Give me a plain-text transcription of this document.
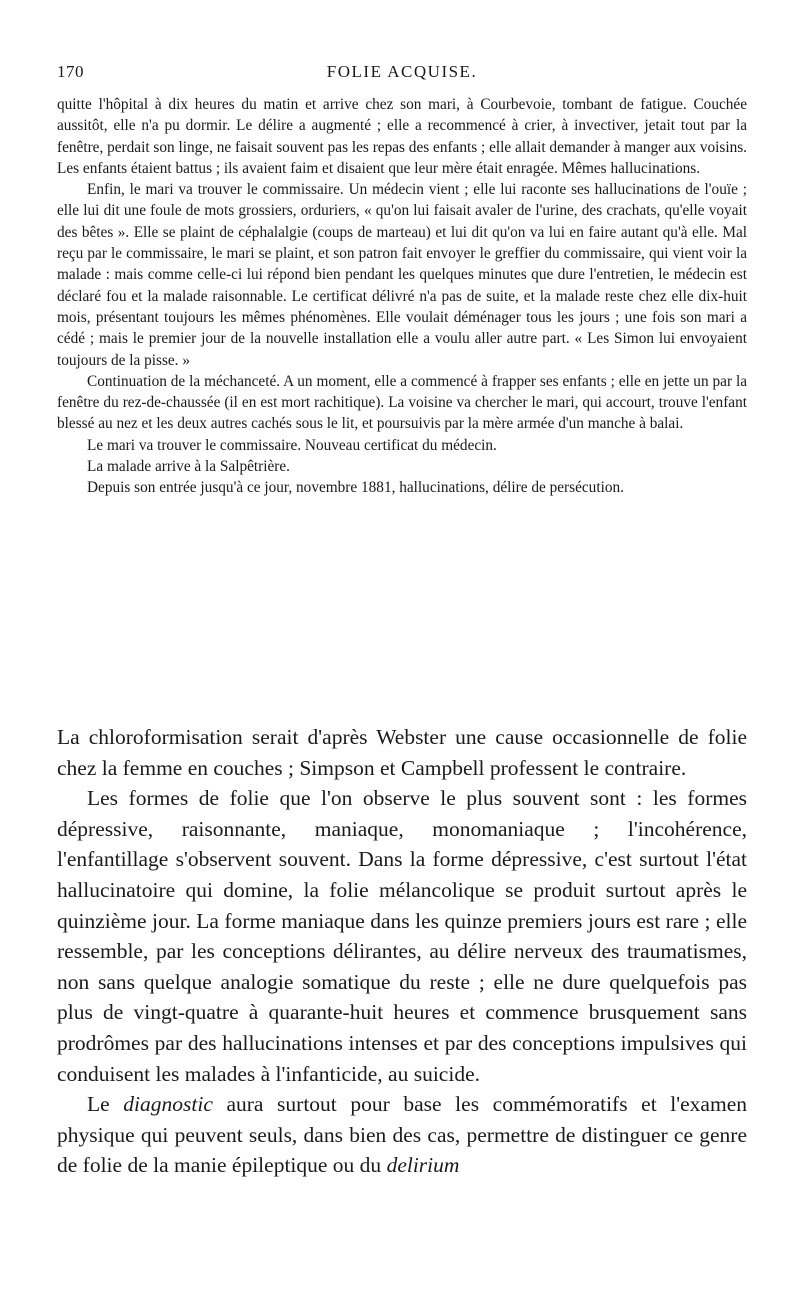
170	FOLIE ACQUISE.

quitte l'hôpital à dix heures du matin et arrive chez son mari, à Courbevoie, tombant de fatigue. Couchée aussitôt, elle n'a pu dormir. Le délire a augmenté ; elle a recommencé à crier, à invectiver, jetait tout par la fenêtre, perdait son linge, ne faisait souvent pas les repas des enfants ; elle allait demander à manger aux voisins. Les enfants étaient battus ; ils avaient faim et disaient que leur mère était enragée. Mêmes hallucinations.

Enfin, le mari va trouver le commissaire. Un médecin vient ; elle lui raconte ses hallucinations de l'ouïe ; elle lui dit une foule de mots grossiers, orduriers, « qu'on lui faisait avaler de l'urine, des crachats, qu'elle voyait des bêtes ». Elle se plaint de céphalalgie (coups de marteau) et lui dit qu'on va lui en faire autant qu'à elle. Mal reçu par le commissaire, le mari se plaint, et son patron fait envoyer le greffier du commissaire, qui vient voir la malade : mais comme celle-ci lui répond bien pendant les quelques minutes que dure l'entretien, le médecin est déclaré fou et la malade raisonnable. Le certificat délivré n'a pas de suite, et la malade reste chez elle dix-huit mois, présentant toujours les mêmes phénomènes. Elle voulait déménager tous les jours ; une fois son mari a cédé ; mais le premier jour de la nouvelle installation elle a voulu aller autre part. « Les Simon lui envoyaient toujours de la pisse. »

Continuation de la méchanceté. A un moment, elle a commencé à frapper ses enfants ; elle en jette un par la fenêtre du rez-de-chaussée (il en est mort rachitique). La voisine va chercher le mari, qui accourt, trouve l'enfant blessé au nez et les deux autres cachés sous le lit, et poursuivis par la mère armée d'un manche à balai.

Le mari va trouver le commissaire. Nouveau certificat du médecin.

La malade arrive à la Salpêtrière.

Depuis son entrée jusqu'à ce jour, novembre 1881, hallucinations, délire de persécution.

La chloroformisation serait d'après Webster une cause occasionnelle de folie chez la femme en couches ; Simpson et Campbell professent le contraire.

Les formes de folie que l'on observe le plus souvent sont : les formes dépressive, raisonnante, maniaque, monomaniaque ; l'incohérence, l'enfantillage s'observent souvent. Dans la forme dépressive, c'est surtout l'état hallucinatoire qui domine, la folie mélancolique se produit surtout après le quinzième jour. La forme maniaque dans les quinze premiers jours est rare ; elle ressemble, par les conceptions délirantes, au délire nerveux des traumatismes, non sans quelque analogie somatique du reste ; elle ne dure quelquefois pas plus de vingt-quatre à quarante-huit heures et commence brusquement sans prodrômes par des hallucinations intenses et par des conceptions impulsives qui conduisent les malades à l'infanticide, au suicide.

Le diagnostic aura surtout pour base les commémoratifs et l'examen physique qui peuvent seuls, dans bien des cas, permettre de distinguer ce genre de folie de la manie épileptique ou du delirium
